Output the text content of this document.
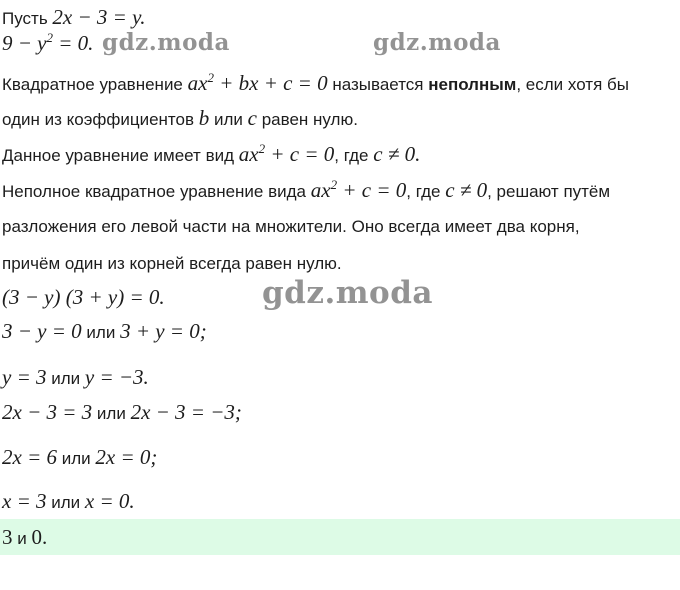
Пусть 2x − 3 = y.
$9 - y^2 = 0$.
Квадратное уравнение $ax^2$ + bx + c = 0 называется неполным, если хотя бы
один из коэффициентов b или c равен нулю.
Данное уравнение имеет вид $ax^2 + c = 0$, где c ≠ 0.
Неполное квадратное уравнение вида $ax^2 + c = 0$, где c ≠ 0, решают путём
разложения его левой части на множители. Оно всегда имеет два корня,
причём один из корней всегда равен нулю.
(3 − y) (3 + y) = 0.
3 − y = 0 или 3 + y = 0;
y = 3 или y = −3.
2x − 3 = 3 или 2x − 3 = −3;
2x = 6 или 2x = 0;
x = 3 или x = 0.
3 и 0.
gdz.moda	gdz.moda
gdz.moda
